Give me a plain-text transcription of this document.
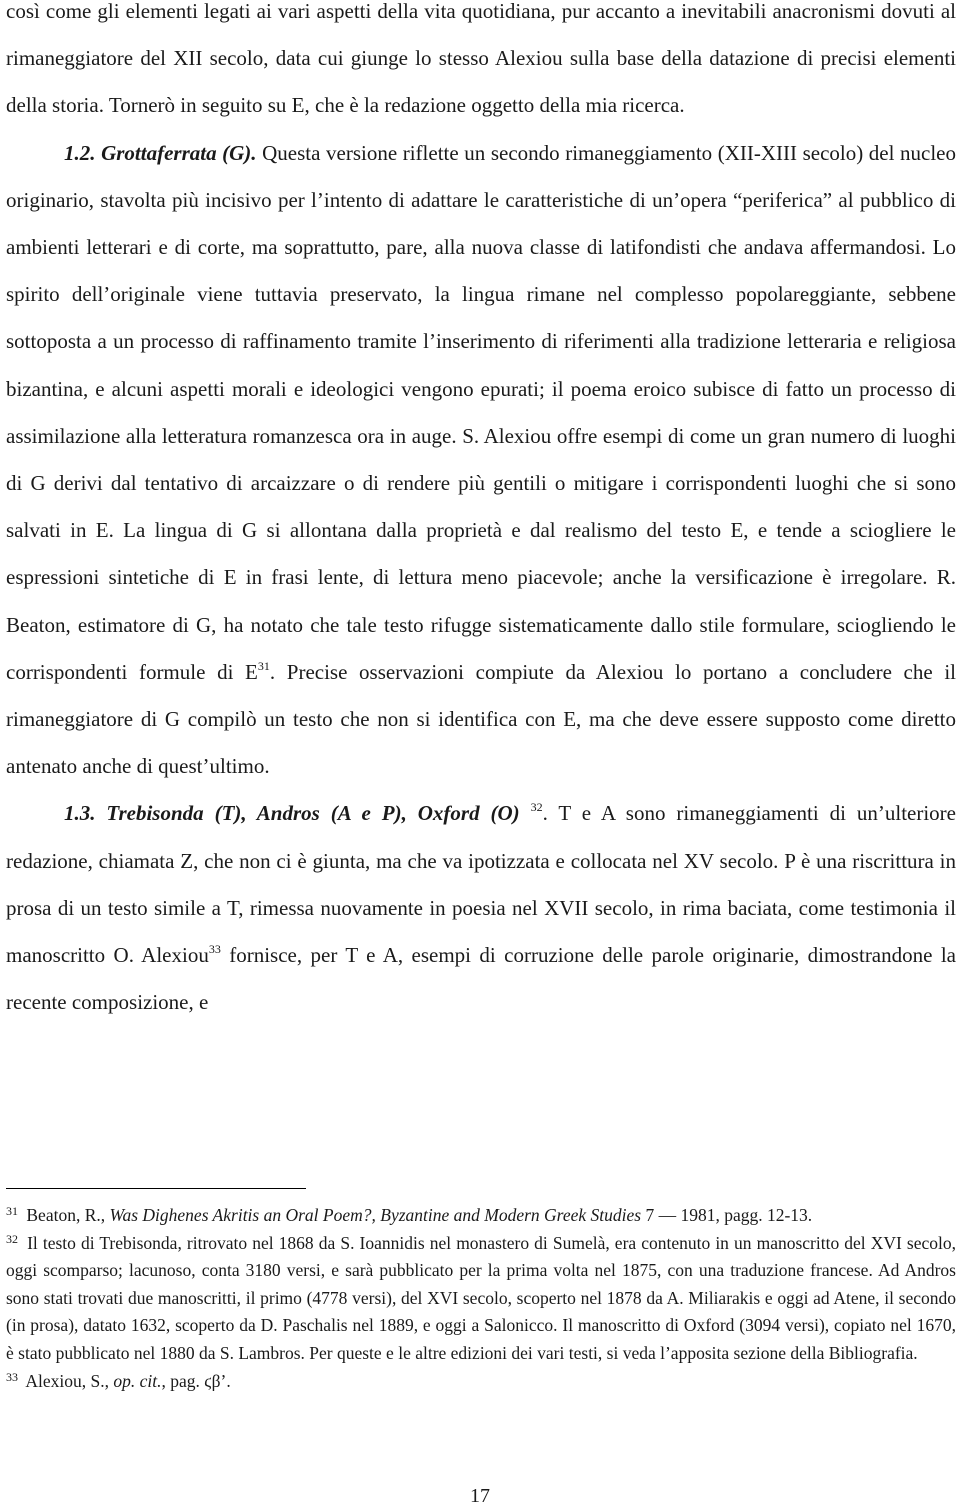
così come gli elementi legati ai vari aspetti della vita quotidiana, pur accanto a inevitabili anacronismi dovuti al rimaneggiatore del XII secolo, data cui giunge lo stesso Alexiou sulla base della datazione di precisi elementi della storia. Tornerò in seguito su E, che è la redazione oggetto della mia ricerca.

1.2. Grottaferrata (G). Questa versione riflette un secondo rimaneggiamento (XII-XIII secolo) del nucleo originario, stavolta più incisivo per l’intento di adattare le caratteristiche di un’opera “periferica” al pubblico di ambienti letterari e di corte, ma soprattutto, pare, alla nuova classe di latifondisti che andava affermandosi. Lo spirito dell’originale viene tuttavia preservato, la lingua rimane nel complesso popolareggiante, sebbene sottoposta a un processo di raffinamento tramite l’inserimento di riferimenti alla tradizione letteraria e religiosa bizantina, e alcuni aspetti morali e ideologici vengono epurati; il poema eroico subisce di fatto un processo di assimilazione alla letteratura romanzesca ora in auge. S. Alexiou offre esempi di come un gran numero di luoghi di G derivi dal tentativo di arcaizzare o di rendere più gentili o mitigare i corrispondenti luoghi che si sono salvati in E. La lingua di G si allontana dalla proprietà e dal realismo del testo E, e tende a sciogliere le espressioni sintetiche di E in frasi lente, di lettura meno piacevole; anche la versificazione è irregolare. R. Beaton, estimatore di G, ha notato che tale testo rifugge sistematicamente dallo stile formulare, sciogliendo le corrispondenti formule di $E^{31}$. Precise osservazioni compiute da Alexiou lo portano a concludere che il rimaneggiatore di G compilò un testo che non si identifica con E, ma che deve essere supposto come diretto antenato anche di quest’ultimo.

1.3. Trebisonda (T), Andros (A e P), Oxford (O) $^{32}$. T e A sono rimaneggiamenti di un’ulteriore redazione, chiamata Z, che non ci è giunta, ma che va ipotizzata e collocata nel XV secolo. P è una riscrittura in prosa di un testo simile a T, rimessa nuovamente in poesia nel XVII secolo, in rima baciata, come testimonia il manoscritto O. Alexiou$^{33}$ fornisce, per T e A, esempi di corruzione delle parole originarie, dimostrandone la recente composizione, e

$^{31}$ Beaton, R., Was Dighenes Akritis an Oral Poem?, Byzantine and Modern Greek Studies 7 — 1981, pagg. 12-13.

$^{32}$ Il testo di Trebisonda, ritrovato nel 1868 da S. Ioannidis nel monastero di Sumelà, era contenuto in un manoscritto del XVI secolo, oggi scomparso; lacunoso, conta 3180 versi, e sarà pubblicato per la prima volta nel 1875, con una traduzione francese. Ad Andros sono stati trovati due manoscritti, il primo (4778 versi), del XVI secolo, scoperto nel 1878 da A. Miliarakis e oggi ad Atene, il secondo (in prosa), datato 1632, scoperto da D. Paschalis nel 1889, e oggi a Salonicco. Il manoscritto di Oxford (3094 versi), copiato nel 1670, è stato pubblicato nel 1880 da S. Lambros. Per queste e le altre edizioni dei vari testi, si veda l’apposita sezione della Bibliografia.

$^{33}$ Alexiou, S., op. cit., pag. ϛβ’.

17
